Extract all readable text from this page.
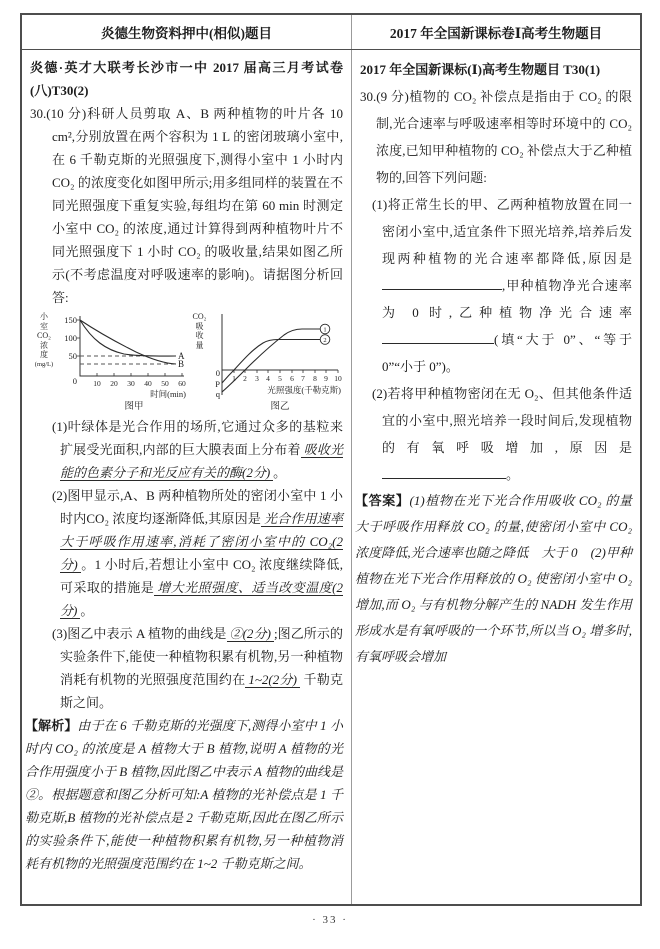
炎德生物资料押中(相似)题目	2017 年全国新课标卷Ⅰ高考生物题目
炎德·英才大联考长沙市一中 2017 届高三月考试卷(八)T30(2)
30.(10 分)科研人员剪取 A、B 两种植物的叶片各 10 cm²,分别放置在两个容积为 1 L 的密闭玻璃小室中,在 6 千勒克斯的光照强度下,测得小室中 1 小时内 CO₂ 的浓度变化如图甲所示;用多组同样的装置在不同光照强度下重复实验,每组均在第 60 min 时测定小室中 CO₂ 的浓度,通过计算得到两种植物叶片不同光照强度下 1 小时 CO₂ 的吸收量,结果如图乙所示(不考虑温度对呼吸速率的影响)。请据图分析回答:
小
室
CO₂
浓
度
(mg/L)
150
100
50
0 10 20 30 40 50 60
A
B
时间(min)
图甲
CO₂
吸
收
量
1 2 3 4 5 6 7 8 9 10
0
P
q
1
2
光照强度(千勒克斯)
图乙
(1)叶绿体是光合作用的场所,它通过众多的基粒来扩展受光面积,内部的巨大膜表面上分布着 吸收光能的色素分子和光反应有关的酶(2分) 。
(2)图甲显示,A、B 两种植物所处的密闭小室中 1 小时内CO₂ 浓度均逐渐降低,其原因是 光合作用速率大于呼吸作用速率,消耗了密闭小室中的 CO₂(2分) 。1 小时后,若想让小室中 CO₂ 浓度继续降低,可采取的措施是 增大光照强度、适当改变温度(2分) 。
(3)图乙中表示 A 植物的曲线是 ②(2分) ;图乙所示的实验条件下,能使一种植物积累有机物,另一种植物消耗有机物的光照强度范围约在 1~2(2分) 千勒克斯之间。
【解析】由于在 6 千勒克斯的光强度下,测得小室中 1 小时内 CO₂ 的浓度是 A 植物大于 B 植物,说明 A 植物的光合作用强度小于 B 植物,因此图乙中表示 A 植物的曲线是②。根据题意和图乙分析可知:A 植物的光补偿点是 1 千勒克斯,B 植物的光补偿点是 2 千勒克斯,因此在图乙所示的实验条件下,能使一种植物积累有机物,另一种植物消耗有机物的光照强度范围约在 1~2 千勒克斯之间。
2017 年全国新课标(Ⅰ)高考生物题目 T30(1)
30.(9 分)植物的 CO₂ 补偿点是指由于 CO₂ 的限制,光合速率与呼吸速率相等时环境中的 CO₂ 浓度,已知甲种植物的 CO₂ 补偿点大于乙种植物的,回答下列问题:
(1)将正常生长的甲、乙两种植物放置在同一密闭小室中,适宜条件下照光培养,培养后发现两种植物的光合速率都降低,原因是,甲种植物净光合速率为 0 时,乙种植物净光合速率(填“大于 0”、“等于 0”“小于 0”)。
(2)若将甲种植物密闭在无 O₂、但其他条件适宜的小室中,照光培养一段时间后,发现植物的有氧呼吸增加,原因是。
【答案】(1)植物在光下光合作用吸收 CO₂ 的量大于呼吸作用释放 CO₂ 的量,使密闭小室中 CO₂ 浓度降低,光合速率也随之降低　大于 0　(2)甲种植物在光下光合作用释放的 O₂ 使密闭小室中 O₂ 增加,而 O₂ 与有机物分解产生的 NADH 发生作用形成水是有氧呼吸的一个环节,所以当 O₂ 增多时,有氧呼吸会增加
· 33 ·
